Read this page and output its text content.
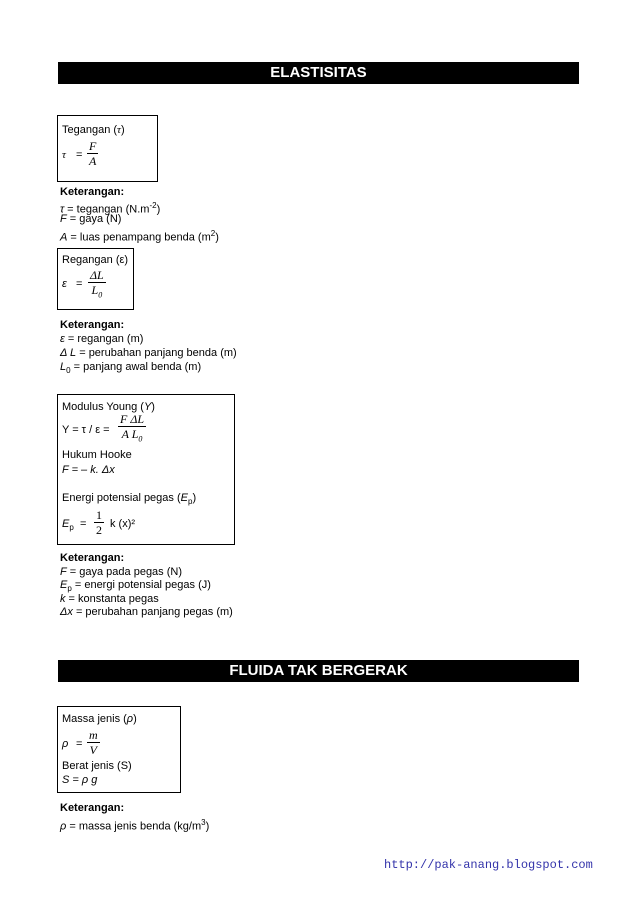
ELASTISITAS
Tegangan (τ)
$\tau = \frac{F}{A}$
Keterangan:
τ = tegangan $(N.m^{-2})$
F = gaya (N)
A = luas penampang benda $(m^2)$
Regangan (ε)
$\varepsilon = \frac{\Delta L}{L_0}$
Keterangan:
ε = regangan (m)
Δ L = perubahan panjang benda (m)
$L_0$ = panjang awal benda (m)
Modulus Young (Y)
$Y = \tau / \varepsilon = \frac{\text{F ΔL}}{A L_0}$
Hukum Hooke
F = – k. Δx
Energi potensial pegas $(E_p)$
$E_p = \frac{1}{2}$ k (x)²
Keterangan:
F = gaya pada pegas (N)
$E_p$ = energi potensial pegas (J)
k = konstanta pegas
Δx = perubahan panjang pegas (m)
FLUIDA TAK BERGERAK
Massa jenis (ρ)
$\rho = \frac{m}{V}$
Berat jenis (S)
S = ρ g
Keterangan:
ρ = massa jenis benda $(kg/m^3)$
http://pak-anang.blogspot.com
